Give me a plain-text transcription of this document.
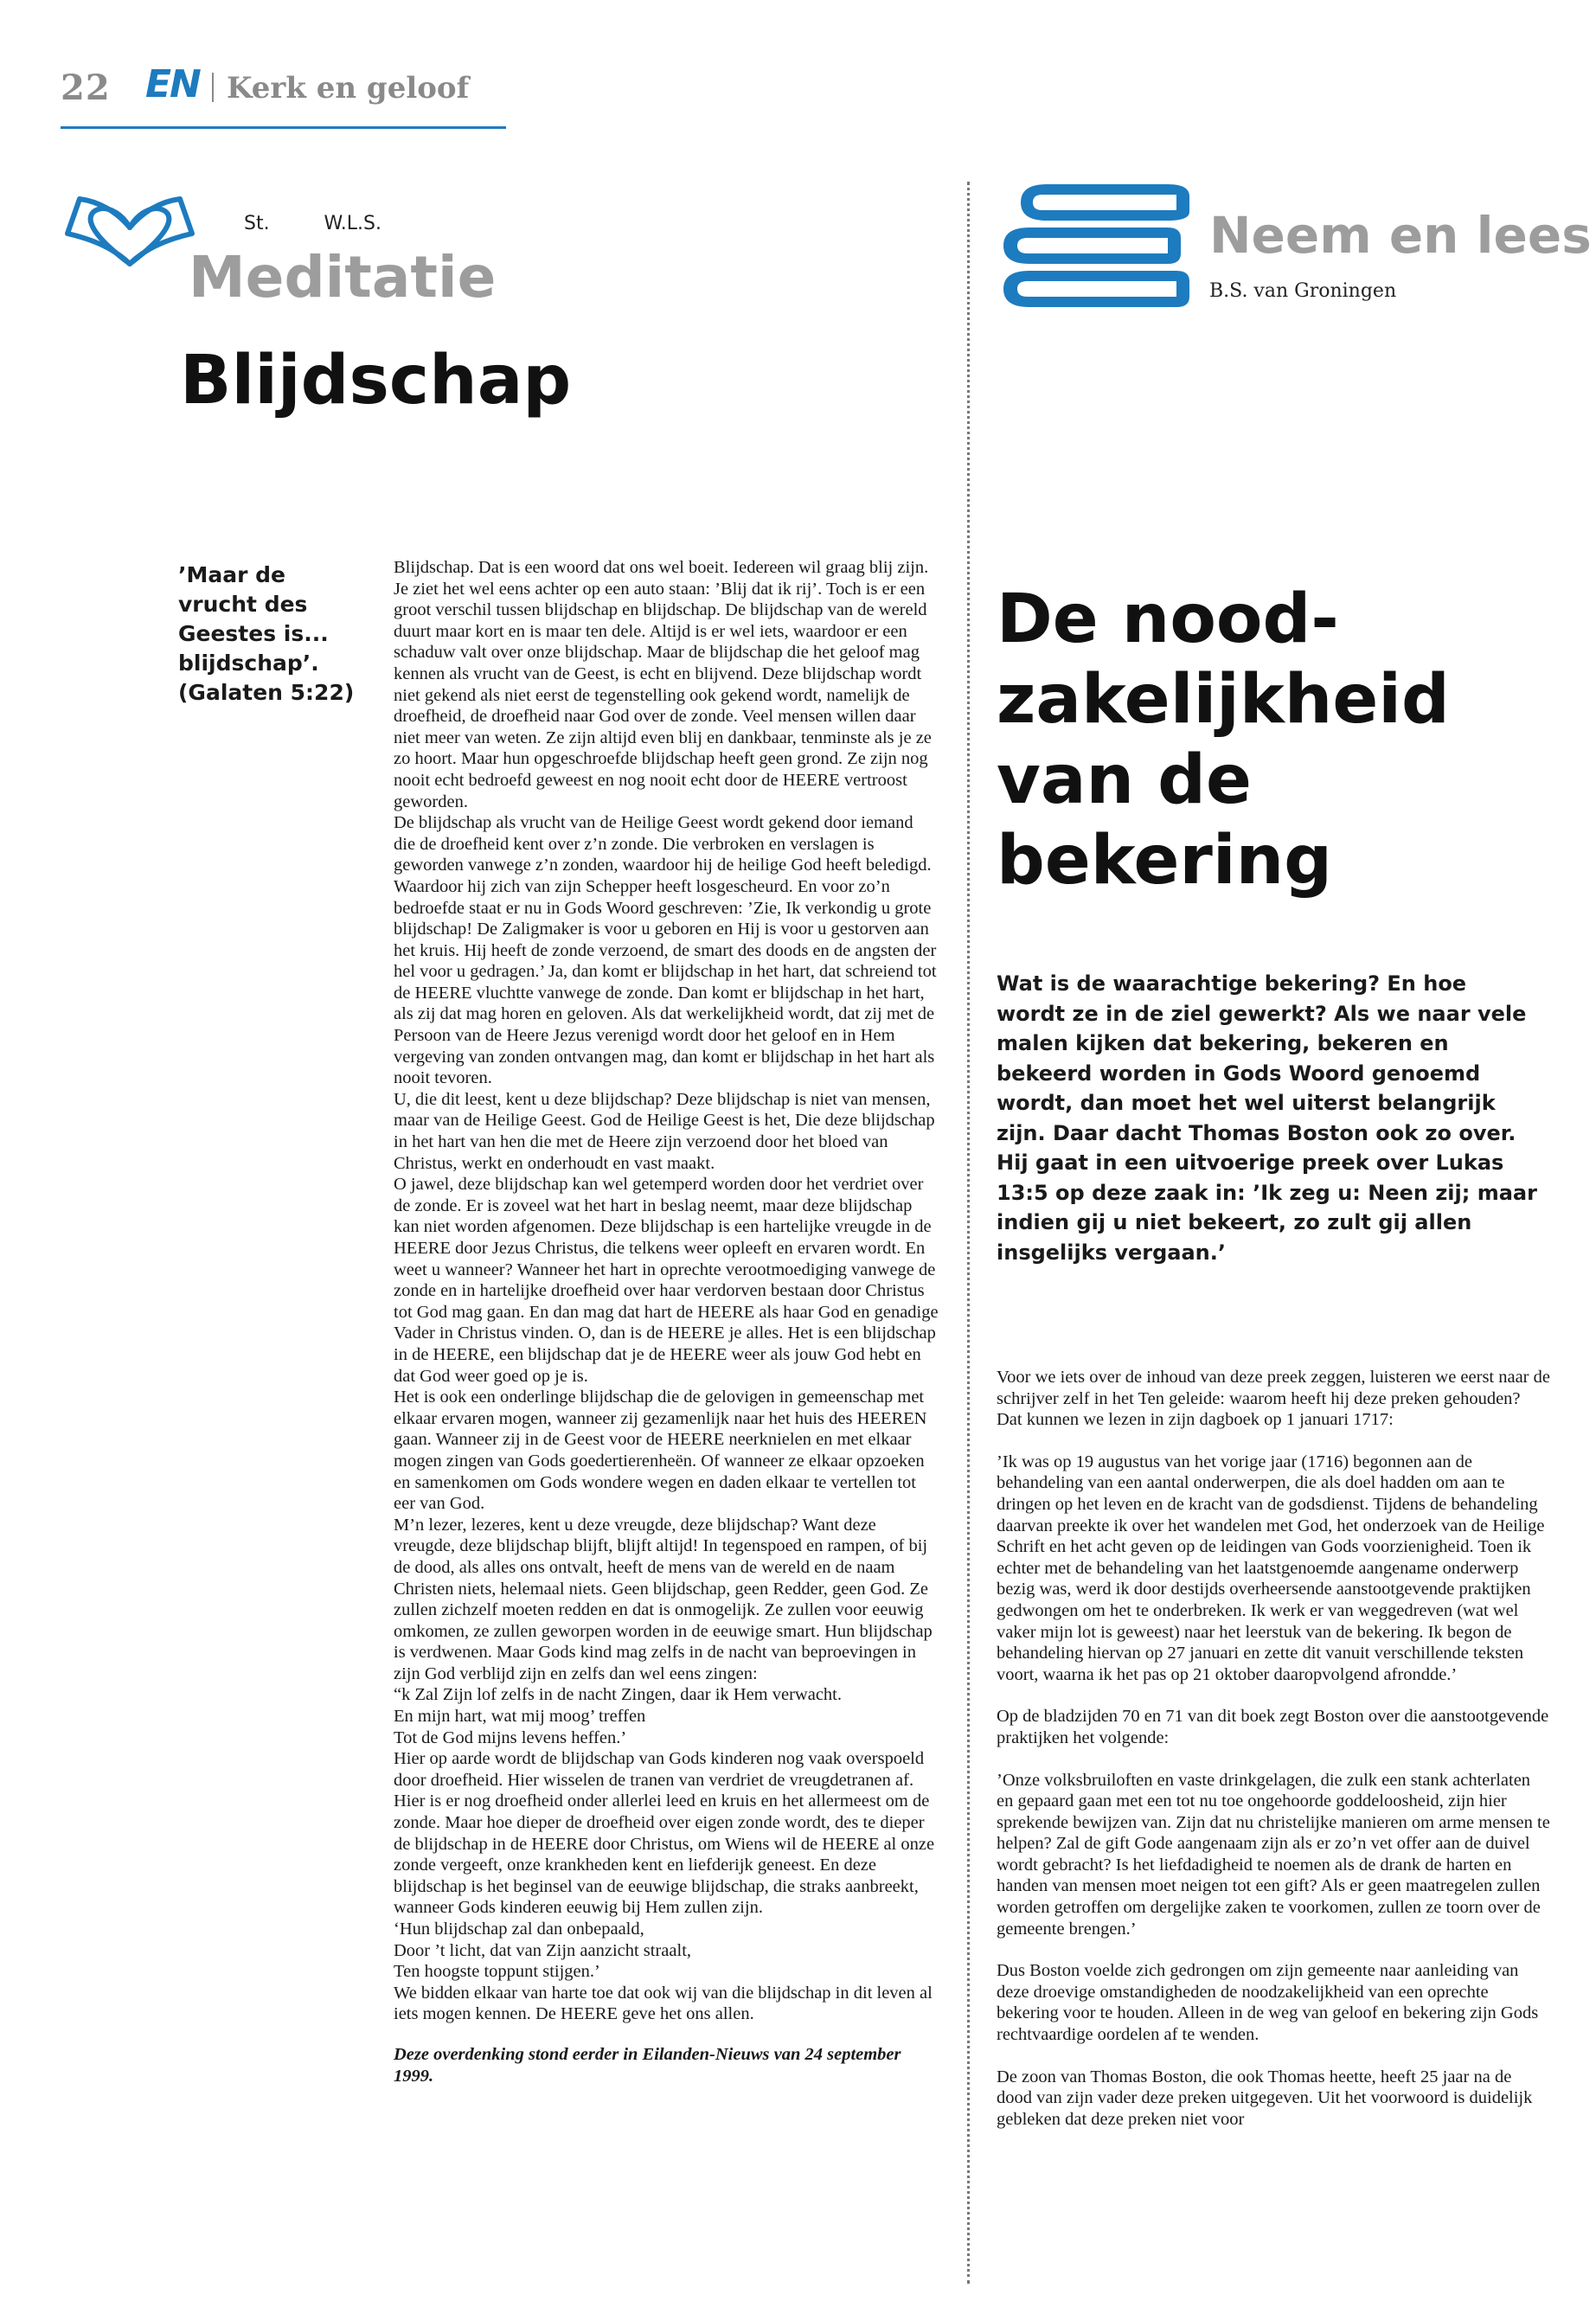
22 EN Kerk en geloof
St.         W.L.S.
Meditatie
Blijdschap
’Maar de vrucht des Geestes is... blijdschap’. (Galaten 5:22)

Blijdschap. Dat is een woord dat ons wel boeit. Iedereen wil graag blij zijn. Je ziet het wel eens achter op een auto staan: ’Blij dat ik rij’. Toch is er een groot verschil tussen blijdschap en blijdschap. De blijdschap van de wereld duurt maar kort en is maar ten dele. Altijd is er wel iets, waardoor er een schaduw valt over onze blijdschap. Maar de blijdschap die het geloof mag kennen als vrucht van de Geest, is echt en blijvend. Deze blijdschap wordt niet gekend als niet eerst de tegenstelling ook gekend wordt, namelijk de droefheid, de droefheid naar God over de zonde. Veel mensen willen daar niet meer van weten. Ze zijn altijd even blij en dankbaar, tenminste als je ze zo hoort. Maar hun opgeschroefde blijdschap heeft geen grond. Ze zijn nog nooit echt bedroefd geweest en nog nooit echt door de HEERE vertroost geworden.

De blijdschap als vrucht van de Heilige Geest wordt gekend door iemand die de droefheid kent over z’n zonde. Die verbroken en verslagen is geworden vanwege z’n zonden, waardoor hij de heilige God heeft beledigd. Waardoor hij zich van zijn Schepper heeft losgescheurd. En voor zo’n bedroefde staat er nu in Gods Woord geschreven: ’Zie, Ik verkondig u grote blijdschap! De Zaligmaker is voor u geboren en Hij is voor u gestorven aan het kruis. Hij heeft de zonde verzoend, de smart des doods en de angsten der hel voor u gedragen.’ Ja, dan komt er blijdschap in het hart, dat schreiend tot de HEERE vluchtte vanwege de zonde. Dan komt er blijdschap in het hart, als zij dat mag horen en geloven. Als dat werkelijkheid wordt, dat zij met de Persoon van de Heere Jezus verenigd wordt door het geloof en in Hem vergeving van zonden ontvangen mag, dan komt er blijdschap in het hart als nooit tevoren.

U, die dit leest, kent u deze blijdschap? Deze blijdschap is niet van mensen, maar van de Heilige Geest. God de Heilige Geest is het, Die deze blijdschap in het hart van hen die met de Heere zijn verzoend door het bloed van Christus, werkt en onderhoudt en vast maakt.

O jawel, deze blijdschap kan wel getemperd worden door het verdriet over de zonde. Er is zoveel wat het hart in beslag neemt, maar deze blijdschap kan niet worden afgenomen. Deze blijdschap is een hartelijke vreugde in de HEERE door Jezus Christus, die telkens weer opleeft en ervaren wordt. En weet u wanneer? Wanneer het hart in oprechte verootmoediging vanwege de zonde en in hartelijke droefheid over haar verdorven bestaan door Christus tot God mag gaan. En dan mag dat hart de HEERE als haar God en genadige Vader in Christus vinden. O, dan is de HEERE je alles. Het is een blijdschap in de HEERE, een blijdschap dat je de HEERE weer als jouw God hebt en dat God weer goed op je is.

Het is ook een onderlinge blijdschap die de gelovigen in gemeenschap met elkaar ervaren mogen, wanneer zij gezamenlijk naar het huis des HEEREN gaan. Wanneer zij in de Geest voor de HEERE neerknielen en met elkaar mogen zingen van Gods goedertierenheën. Of wanneer ze elkaar opzoeken en samenkomen om Gods wondere wegen en daden elkaar te vertellen tot eer van God.

M’n lezer, lezeres, kent u deze vreugde, deze blijdschap? Want deze vreugde, deze blijdschap blijft, blijft altijd! In tegenspoed en rampen, of bij de dood, als alles ons ontvalt, heeft de mens van de wereld en de naam Christen niets, helemaal niets. Geen blijdschap, geen Redder, geen God. Ze zullen zichzelf moeten redden en dat is onmogelijk. Ze zullen voor eeuwig omkomen, ze zullen geworpen worden in de eeuwige smart. Hun blijdschap is verdwenen. Maar Gods kind mag zelfs in de nacht van beproevingen in zijn God verblijd zijn en zelfs dan wel eens zingen:

“k Zal Zijn lof zelfs in de nacht Zingen, daar ik Hem verwacht.

En mijn hart, wat mij moog’ treffen

Tot de God mijns levens heffen.’

Hier op aarde wordt de blijdschap van Gods kinderen nog vaak overspoeld door droefheid. Hier wisselen de tranen van verdriet de vreugdetranen af. Hier is er nog droefheid onder allerlei leed en kruis en het allermeest om de zonde. Maar hoe dieper de droefheid over eigen zonde wordt, des te dieper de blijdschap in de HEERE door Christus, om Wiens wil de HEERE al onze zonde vergeeft, onze krankheden kent en liefderijk geneest. En deze blijdschap is het beginsel van de eeuwige blijdschap, die straks aanbreekt, wanneer Gods kinderen eeuwig bij Hem zullen zijn.

‘Hun blijdschap zal dan onbepaald,

Door ’t licht, dat van Zijn aanzicht straalt,

Ten hoogste toppunt stijgen.’

We bidden elkaar van harte toe dat ook wij van die blijdschap in dit leven al iets mogen kennen. De HEERE geve het ons allen.

Deze overdenking stond eerder in Eilanden-Nieuws van 24 september 1999.

Neem en lees
B.S. van Groningen
De nood-zakelijkheid van de bekering
Wat is de waarachtige bekering? En hoe wordt ze in de ziel gewerkt? Als we naar vele malen kijken dat bekering, bekeren en bekeerd worden in Gods Woord genoemd wordt, dan moet het wel uiterst belangrijk zijn. Daar dacht Thomas Boston ook zo over. Hij gaat in een uitvoerige preek over Lukas 13:5 op deze zaak in: ’Ik zeg u: Neen zij; maar indien gij u niet bekeert, zo zult gij allen insgelijks vergaan.’

Voor we iets over de inhoud van deze preek zeggen, luisteren we eerst naar de schrijver zelf in het Ten geleide: waarom heeft hij deze preken gehouden? Dat kunnen we lezen in zijn dagboek op 1 januari 1717:

’Ik was op 19 augustus van het vorige jaar (1716) begonnen aan de behandeling van een aantal onderwerpen, die als doel hadden om aan te dringen op het leven en de kracht van de godsdienst. Tijdens de behandeling daarvan preekte ik over het wandelen met God, het onderzoek van de Heilige Schrift en het acht geven op de leidingen van Gods voorzienigheid. Toen ik echter met de behandeling van het laatstgenoemde aangename onderwerp bezig was, werd ik door destijds overheersende aanstootgevende praktijken gedwongen om het te onderbreken. Ik werk er van weggedreven (wat wel vaker mijn lot is geweest) naar het leerstuk van de bekering. Ik begon de behandeling hiervan op 27 januari en zette dit vanuit verschillende teksten voort, waarna ik het pas op 21 oktober daaropvolgend afrondde.’

Op de bladzijden 70 en 71 van dit boek zegt Boston over die aanstootgevende praktijken het volgende:

’Onze volksbruiloften en vaste drinkgelagen, die zulk een stank achterlaten en gepaard gaan met een tot nu toe ongehoorde goddeloosheid, zijn hier sprekende bewijzen van. Zijn dat nu christelijke manieren om arme mensen te helpen? Zal de gift Gode aangenaam zijn als er zo’n vet offer aan de duivel wordt gebracht? Is het liefdadigheid te noemen als de drank de harten en handen van mensen moet neigen tot een gift? Als er geen maatregelen zullen worden getroffen om dergelijke zaken te voorkomen, zullen ze toorn over de gemeente brengen.’

Dus Boston voelde zich gedrongen om zijn gemeente naar aanleiding van deze droevige omstandigheden de noodzakelijkheid van een oprechte bekering voor te houden. Alleen in de weg van geloof en bekering zijn Gods rechtvaardige oordelen af te wenden.

De zoon van Thomas Boston, die ook Thomas heette, heeft 25 jaar na de dood van zijn vader deze preken uitgegeven. Uit het voorwoord is duidelijk gebleken dat deze preken niet voor
